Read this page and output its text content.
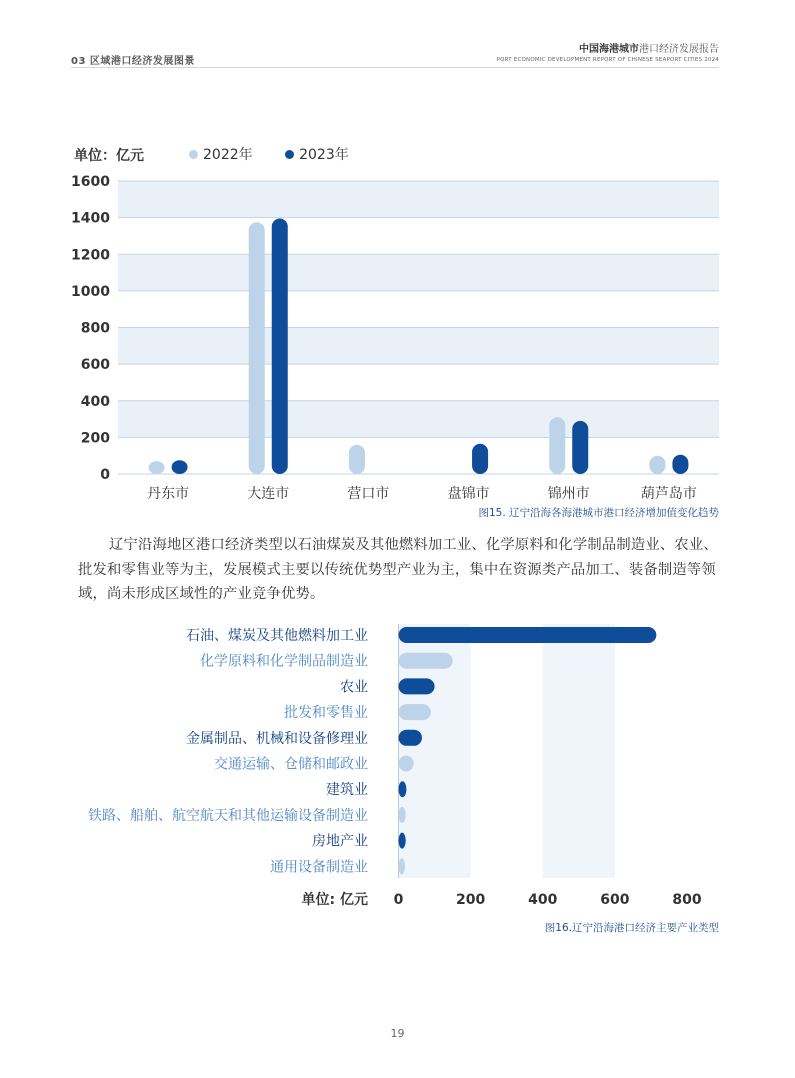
03 区域港口经济发展图景
中国海港城市港口经济发展报告
PORT ECONOMIC DEVELOPMENT REPORT OF CHINESE SEAPORT CITIES 2024
单位：亿元	2022年
	2023年
0
200
400
600
800
1000
1200
1400
1600
丹东市	大连市	营口市	盘锦市	锦州市	葫芦岛市
0	200	400	600	800
单位: 亿元
石油、煤炭及其他燃料加工业
化学原料和化学制品制造业
农业
批发和零售业
金属制品、机械和设备修理业
交通运输、仓储和邮政业
建筑业
铁路、船舶、航空航天和其他运输设备制造业
房地产业
通用设备制造业
图15. 辽宁沿海各海港城市港口经济增加值变化趋势
辽宁沿海地区港口经济类型以石油煤炭及其他燃料加工业、化学原料和化学制品制造业、农业、批发和零售业等为主，发展模式主要以传统优势型产业为主，集中在资源类产品加工、装备制造等领域，尚未形成区域性的产业竞争优势。
图16.辽宁沿海港口经济主要产业类型
19
